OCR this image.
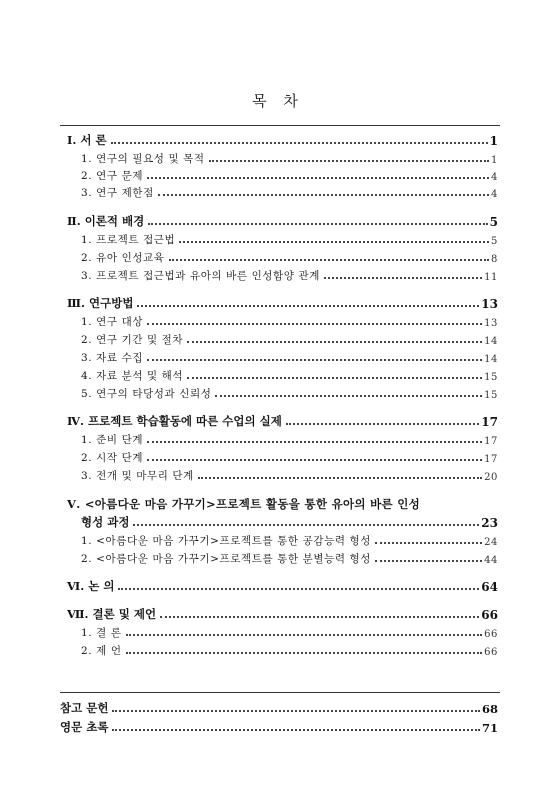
목 차
Ⅰ. 서 론	1
1. 연구의 필요성 및 목적	1
2. 연구 문제	4
3. 연구 제한점	4
Ⅱ. 이론적 배경	5
1. 프로젝트 접근법	5
2. 유아 인성교육	8
3. 프로젝트 접근법과 유아의 바른 인성함양 관계	11
Ⅲ. 연구방법	13
1. 연구 대상	13
2. 연구 기간 및 절차	14
3. 자료 수집	14
4. 자료 분석 및 해석	15
5. 연구의 타당성과 신뢰성	15
Ⅳ. 프로젝트 학습활동에 따른 수업의 실제	17
1. 준비 단계	17
2. 시작 단계	17
3. 전개 및 마무리 단계	20
Ⅴ. <아름다운 마음 가꾸기>프로젝트 활동을 통한 유아의 바른 인성
형성 과정	23
1. <아름다운 마음 가꾸기>프로젝트를 통한 공감능력 형성	24
2. <아름다운 마음 가꾸기>프로젝트를 통한 분별능력 형성	44
Ⅵ. 논 의	64
Ⅶ. 결론 및 제언	66
1. 결 론	66
2. 제 언	66
참고 문헌	68
영문 초록	71
